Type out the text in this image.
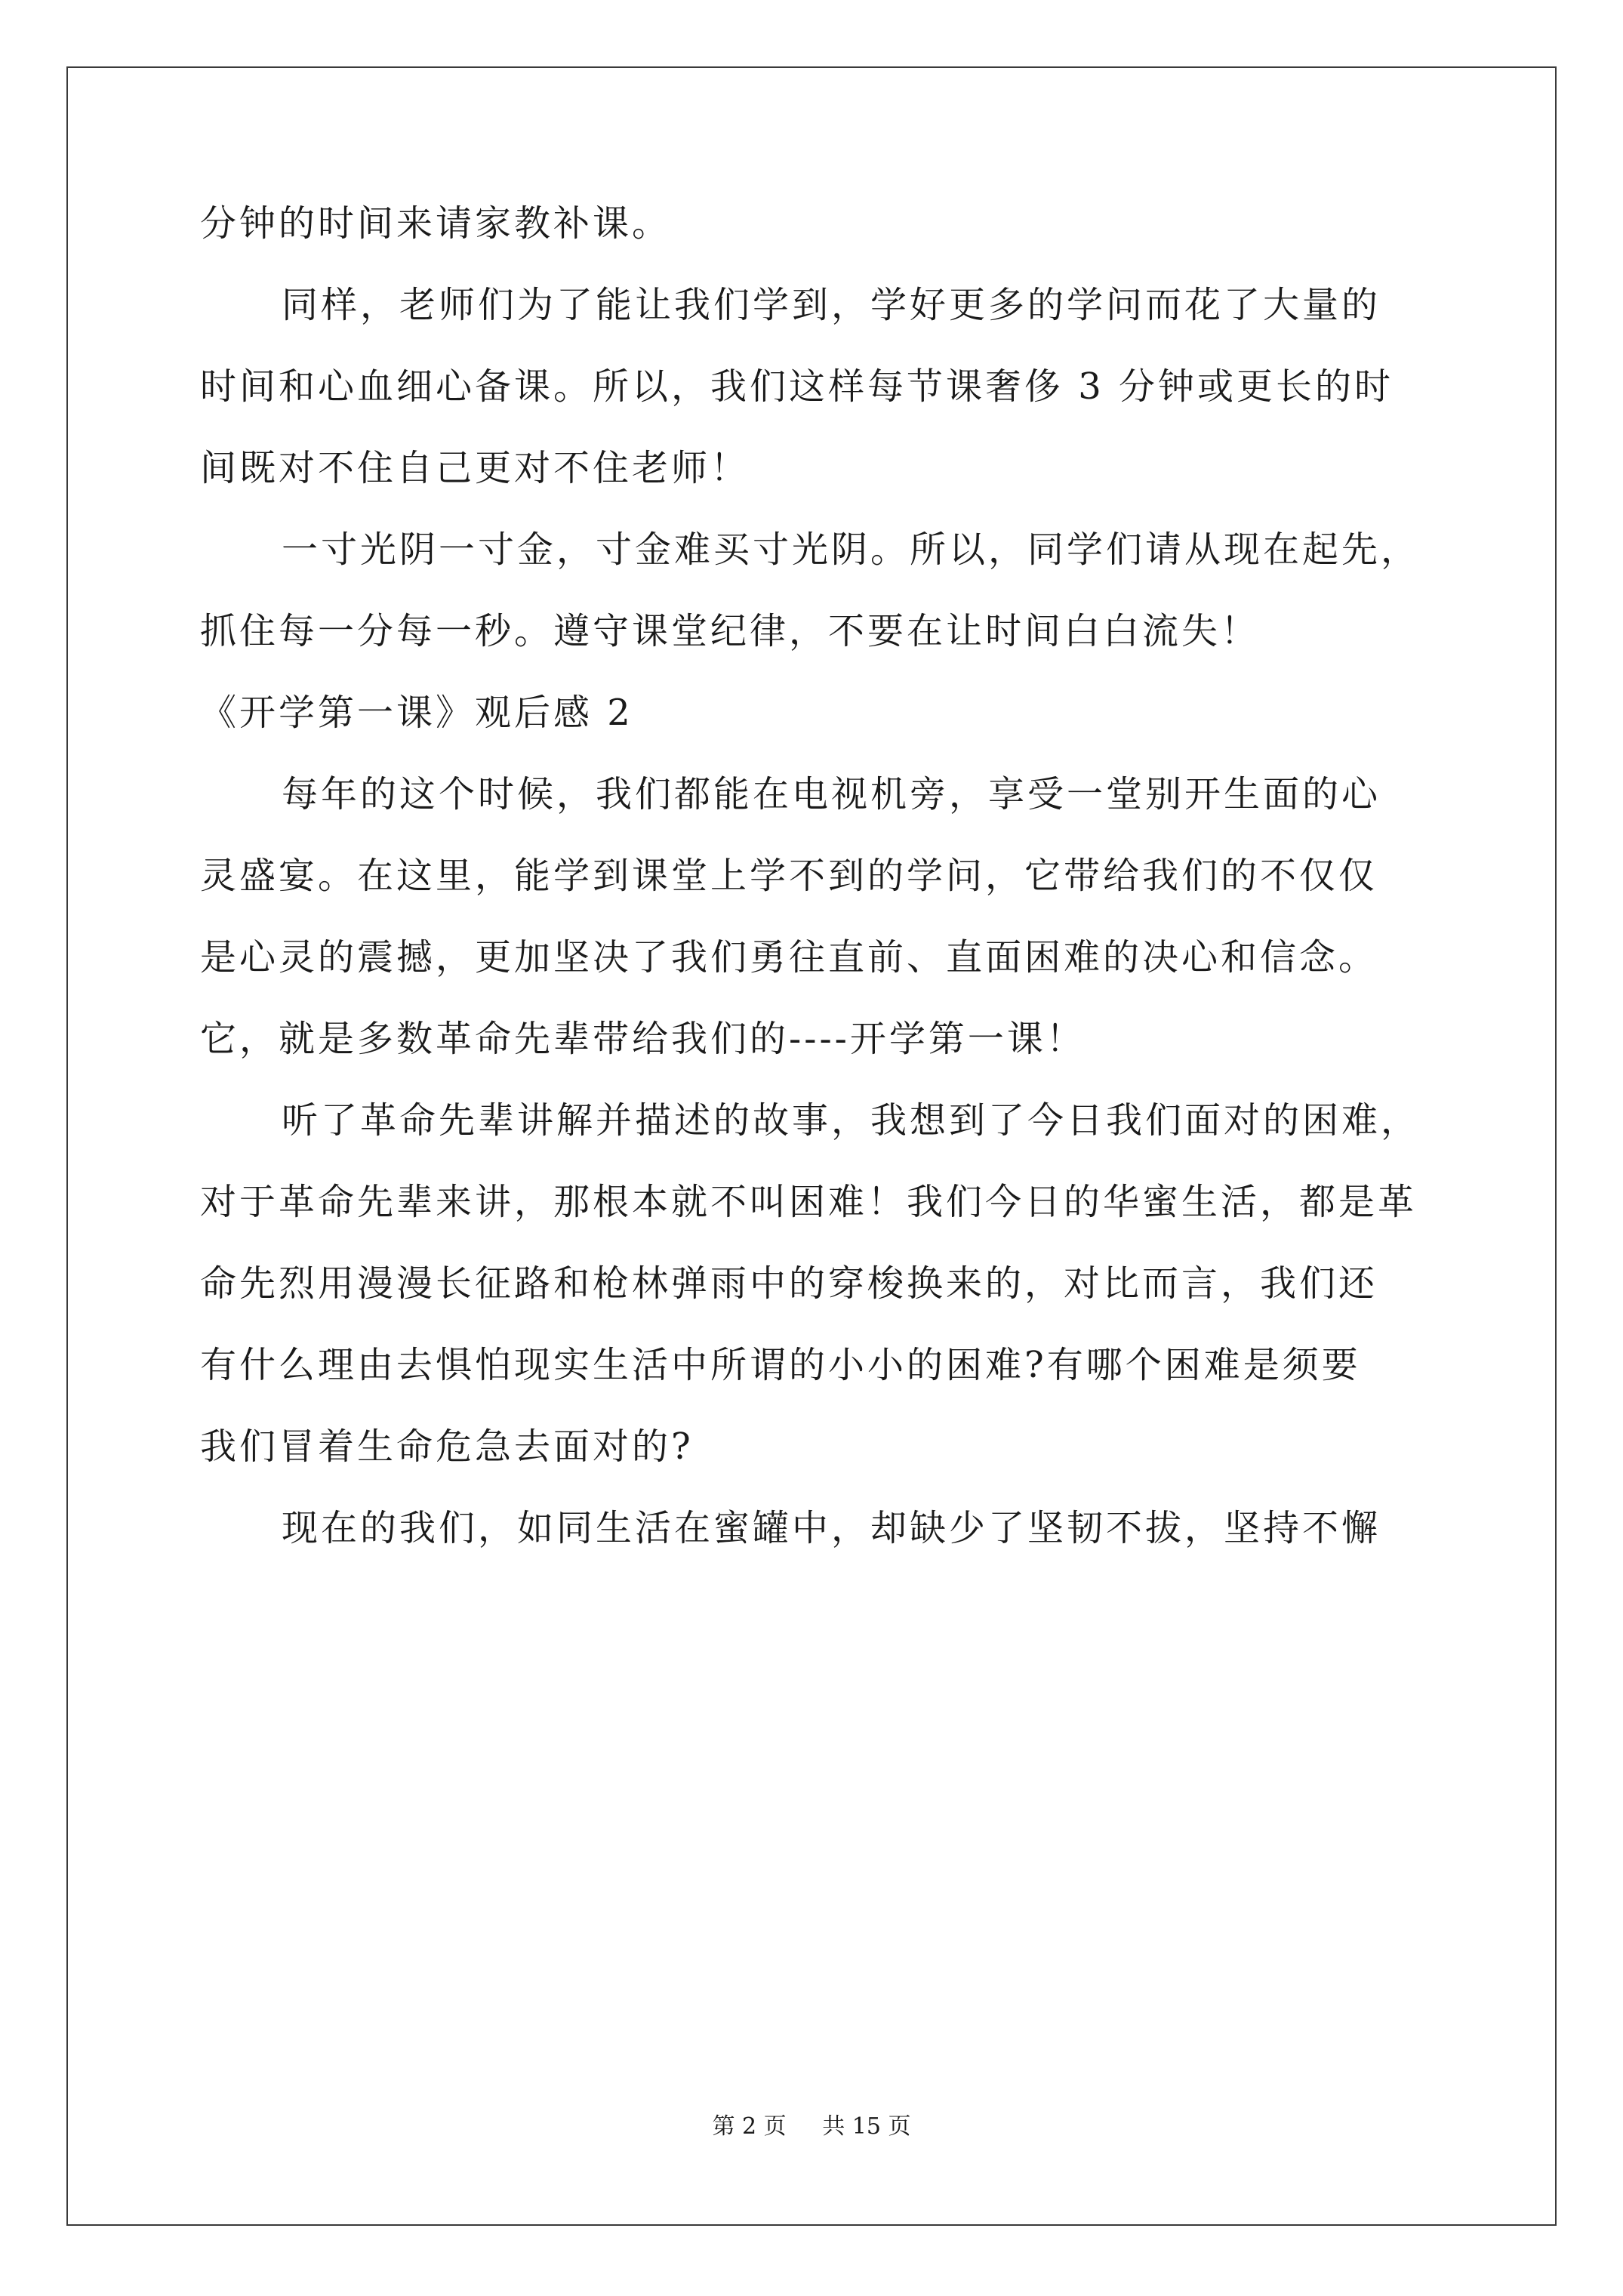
分钟的时间来请家教补课。

同样，老师们为了能让我们学到，学好更多的学问而花了大量的

时间和心血细心备课。所以，我们这样每节课奢侈 3 分钟或更长的时

间既对不住自己更对不住老师！

一寸光阴一寸金，寸金难买寸光阴。所以，同学们请从现在起先，

抓住每一分每一秒。遵守课堂纪律，不要在让时间白白流失！

《开学第一课》观后感 2

每年的这个时候，我们都能在电视机旁，享受一堂别开生面的心

灵盛宴。在这里，能学到课堂上学不到的学问，它带给我们的不仅仅

是心灵的震撼，更加坚决了我们勇往直前、直面困难的决心和信念。

它，就是多数革命先辈带给我们的----开学第一课！

听了革命先辈讲解并描述的故事，我想到了今日我们面对的困难，

对于革命先辈来讲，那根本就不叫困难！我们今日的华蜜生活，都是革

命先烈用漫漫长征路和枪林弹雨中的穿梭换来的，对比而言，我们还

有什么理由去惧怕现实生活中所谓的小小的困难?有哪个困难是须要

我们冒着生命危急去面对的?

现在的我们，如同生活在蜜罐中，却缺少了坚韧不拔，坚持不懈

第 2 页 共 15 页
